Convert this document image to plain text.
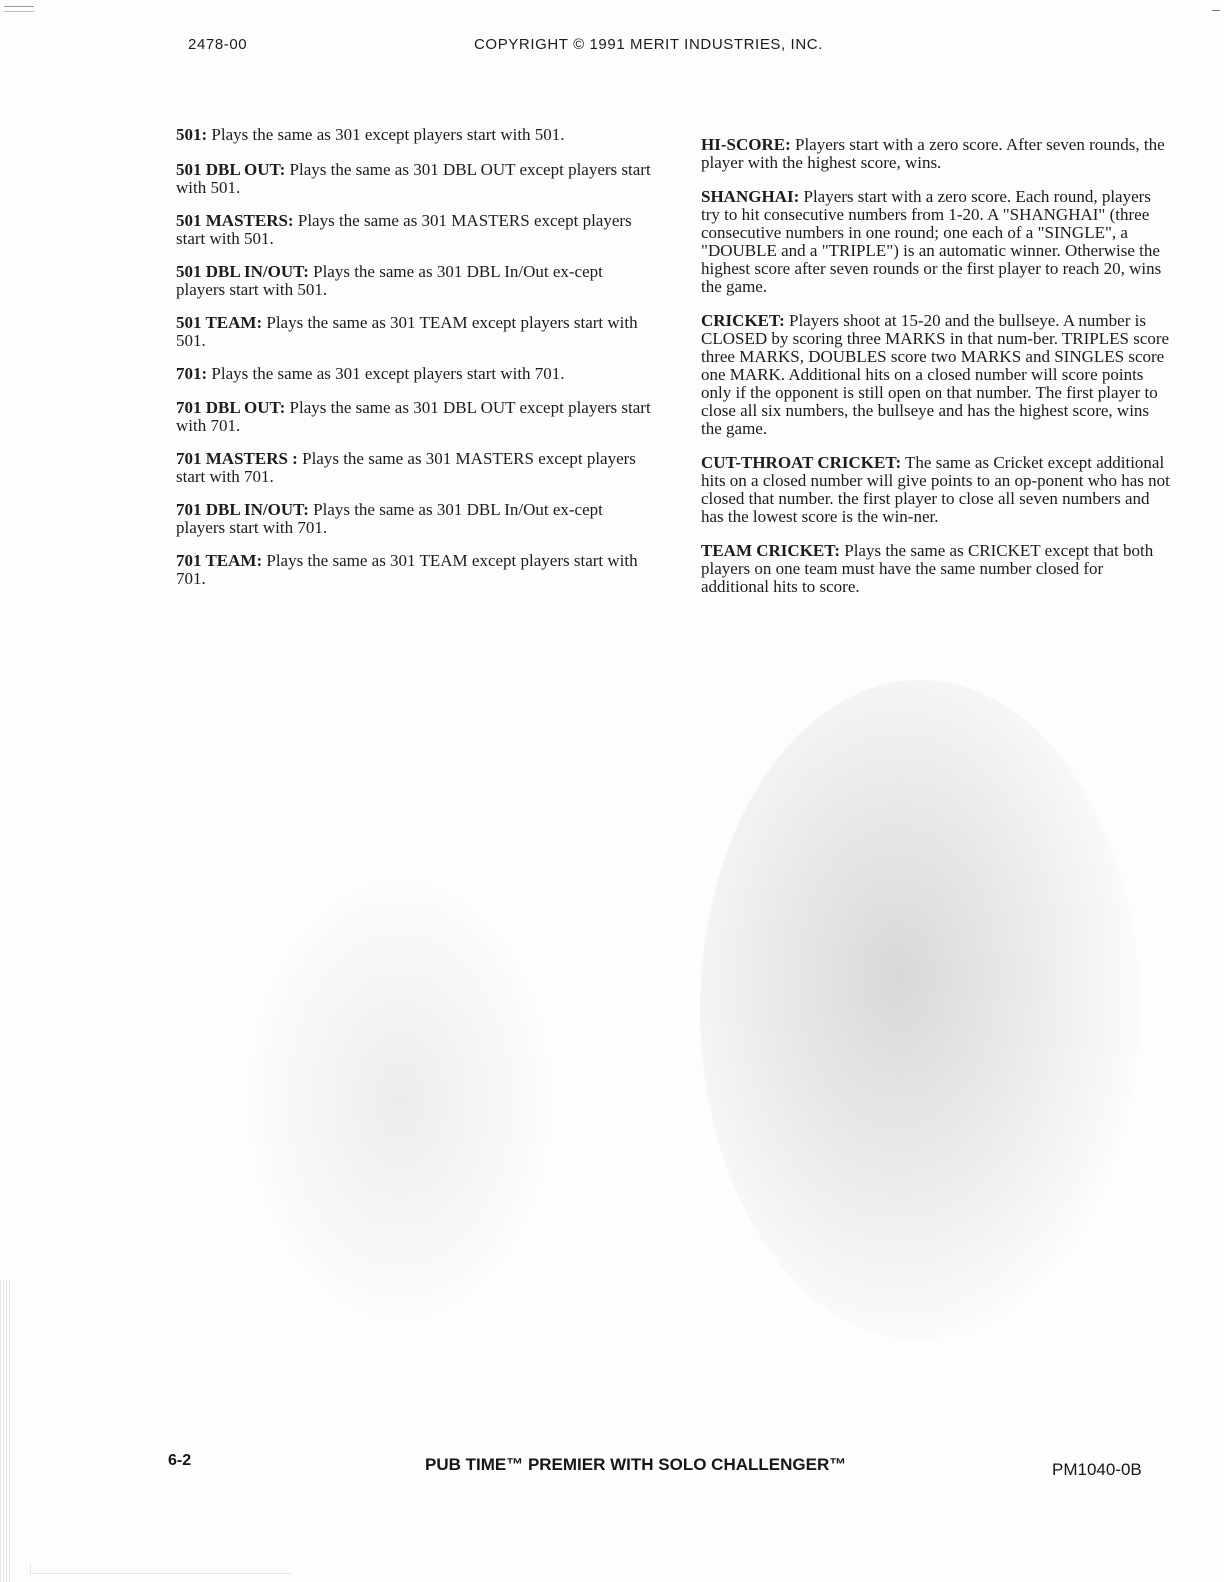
2478-00	COPYRIGHT © 1991 MERIT INDUSTRIES, INC.

501: Plays the same as 301 except players start with 501.

501 DBL OUT: Plays the same as 301 DBL OUT except players start with 501.

501 MASTERS: Plays the same as 301 MASTERS except players start with 501.

501 DBL IN/OUT: Plays the same as 301 DBL In/Out ex-cept players start with 501.

501 TEAM: Plays the same as 301 TEAM except players start with 501.

701: Plays the same as 301 except players start with 701.

701 DBL OUT: Plays the same as 301 DBL OUT except players start with 701.

701 MASTERS : Plays the same as 301 MASTERS except players start with 701.

701 DBL IN/OUT: Plays the same as 301 DBL In/Out ex-cept players start with 701.

701 TEAM: Plays the same as 301 TEAM except players start with 701.

HI-SCORE: Players start with a zero score. After seven rounds, the player with the highest score, wins.

SHANGHAI: Players start with a zero score. Each round, players try to hit consecutive numbers from 1-20. A "SHANGHAI" (three consecutive numbers in one round; one each of a "SINGLE", a "DOUBLE and a "TRIPLE") is an automatic winner. Otherwise the highest score after seven rounds or the first player to reach 20, wins the game.

CRICKET: Players shoot at 15-20 and the bullseye. A number is CLOSED by scoring three MARKS in that num-ber. TRIPLES score three MARKS, DOUBLES score two MARKS and SINGLES score one MARK. Additional hits on a closed number will score points only if the opponent is still open on that number. The first player to close all six numbers, the bullseye and has the highest score, wins the game.

CUT-THROAT CRICKET: The same as Cricket except additional hits on a closed number will give points to an op-ponent who has not closed that number. the first player to close all seven numbers and has the lowest score is the win-ner.

TEAM CRICKET: Plays the same as CRICKET except that both players on one team must have the same number closed for additional hits to score.

6-2	PUB TIME™ PREMIER WITH SOLO CHALLENGER™	PM1040-0B
